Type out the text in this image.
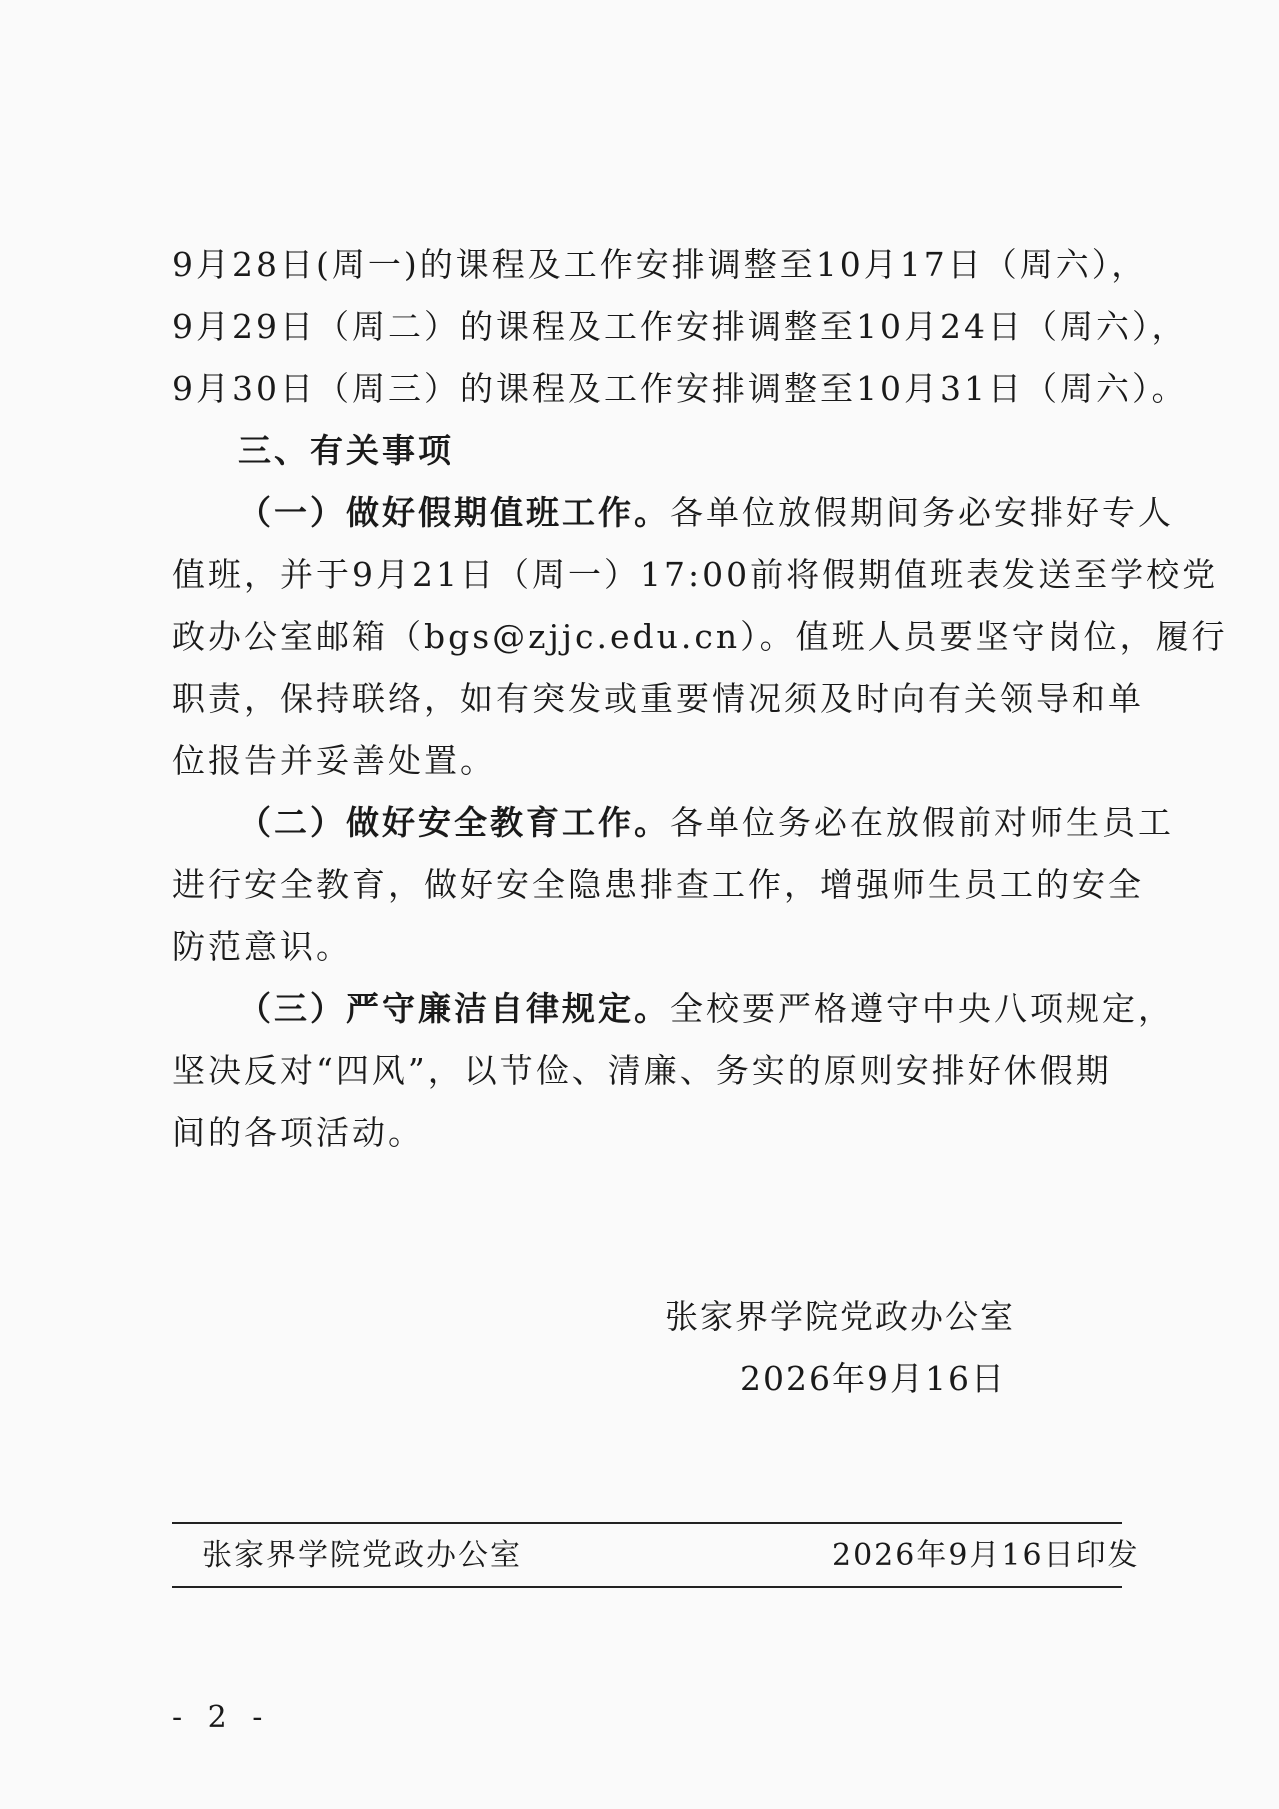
9月28日(周一)的课程及工作安排调整至10月17日（周六），
9月29日（周二）的课程及工作安排调整至10月24日（周六），
9月30日（周三）的课程及工作安排调整至10月31日（周六）。
三、有关事项
（一）做好假期值班工作。各单位放假期间务必安排好专人
值班，并于9月21日（周一）17:00前将假期值班表发送至学校党
政办公室邮箱（bgs@zjjc.edu.cn）。值班人员要坚守岗位，履行
职责，保持联络，如有突发或重要情况须及时向有关领导和单
位报告并妥善处置。
（二）做好安全教育工作。各单位务必在放假前对师生员工
进行安全教育，做好安全隐患排查工作，增强师生员工的安全
防范意识。
（三）严守廉洁自律规定。全校要严格遵守中央八项规定，
坚决反对“四风”，以节俭、清廉、务实的原则安排好休假期
间的各项活动。
张家界学院党政办公室
2026年9月16日
张家界学院党政办公室	2026年9月16日印发
- 2 -
